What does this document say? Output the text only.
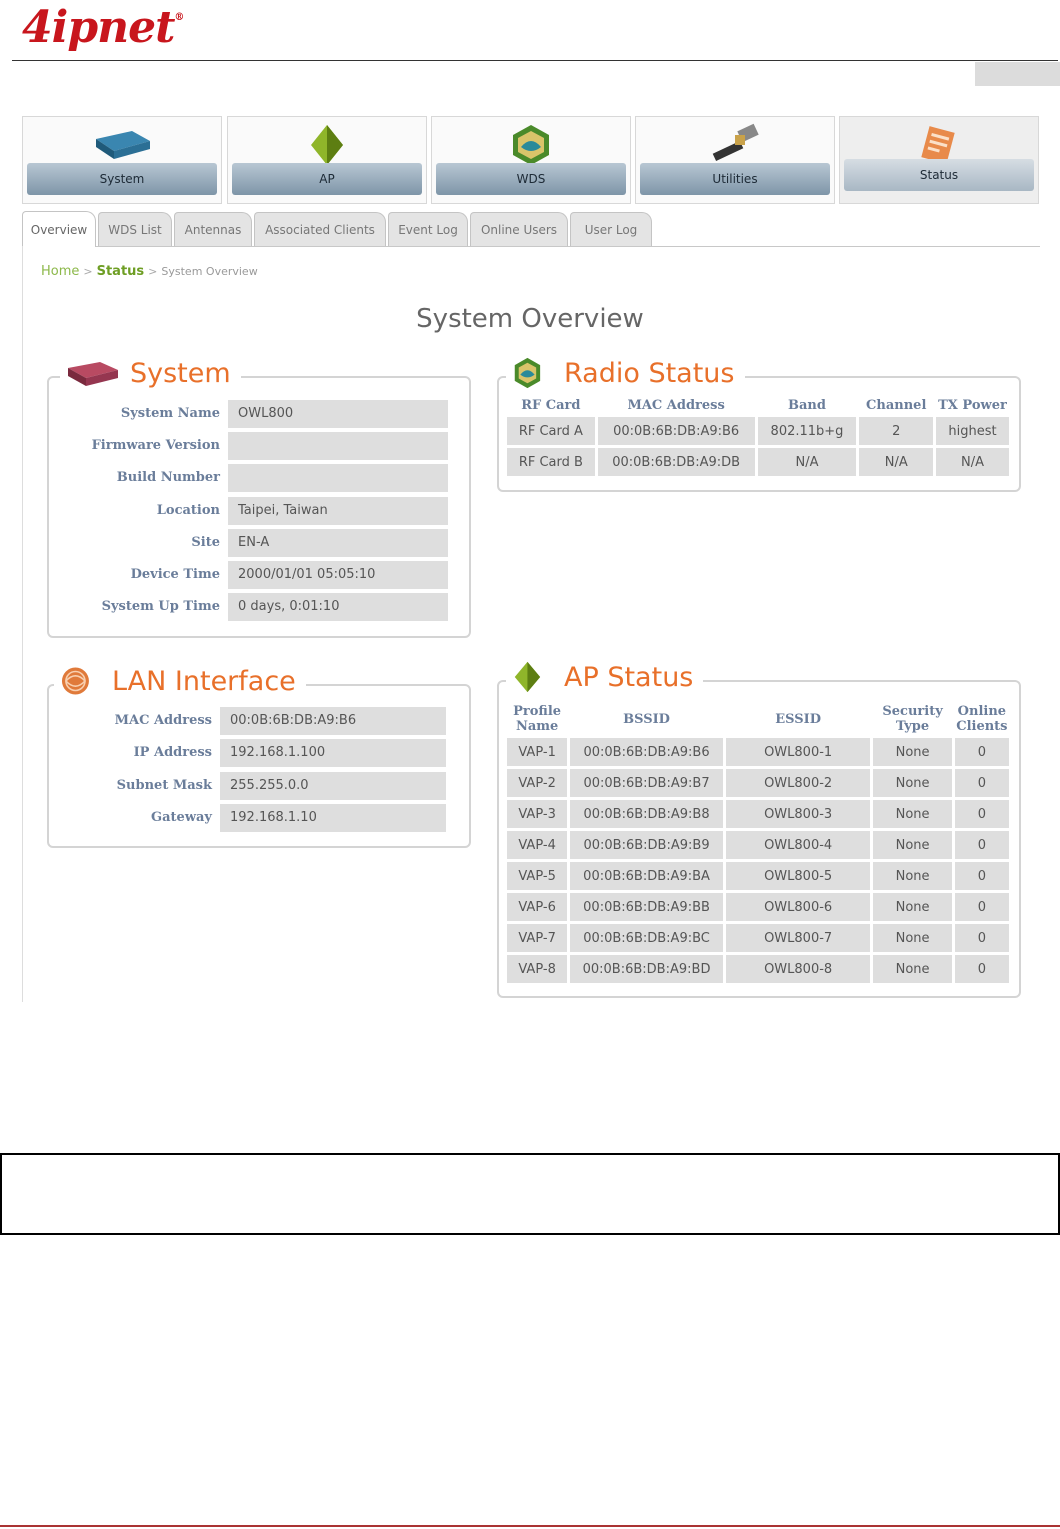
4ipnet®
System	AP	WDS	Utilities	Status
Overview	WDS List	Antennas	Associated Clients	Event Log	Online Users	User Log
Home > Status > System Overview
System Overview
System
System Name	OWL800
Firmware Version
Build Number
Location	Taipei, Taiwan
Site	EN-A
Device Time	2000/01/01 05:05:10
System Up Time	0 days, 0:01:10
LAN Interface
MAC Address	00:0B:6B:DB:A9:B6
IP Address	192.168.1.100
Subnet Mask	255.255.0.0
Gateway	192.168.1.10
Radio Status
RF Card	MAC Address	Band	Channel	TX Power
RF Card A	00:0B:6B:DB:A9:B6	802.11b+g	2	highest
RF Card B	00:0B:6B:DB:A9:DB	N/A	N/A	N/A
AP Status
Profile Name	BSSID	ESSID	Security Type	Online Clients
VAP-1	00:0B:6B:DB:A9:B6	OWL800-1	None	0
VAP-2	00:0B:6B:DB:A9:B7	OWL800-2	None	0
VAP-3	00:0B:6B:DB:A9:B8	OWL800-3	None	0
VAP-4	00:0B:6B:DB:A9:B9	OWL800-4	None	0
VAP-5	00:0B:6B:DB:A9:BA	OWL800-5	None	0
VAP-6	00:0B:6B:DB:A9:BB	OWL800-6	None	0
VAP-7	00:0B:6B:DB:A9:BC	OWL800-7	None	0
VAP-8	00:0B:6B:DB:A9:BD	OWL800-8	None	0
